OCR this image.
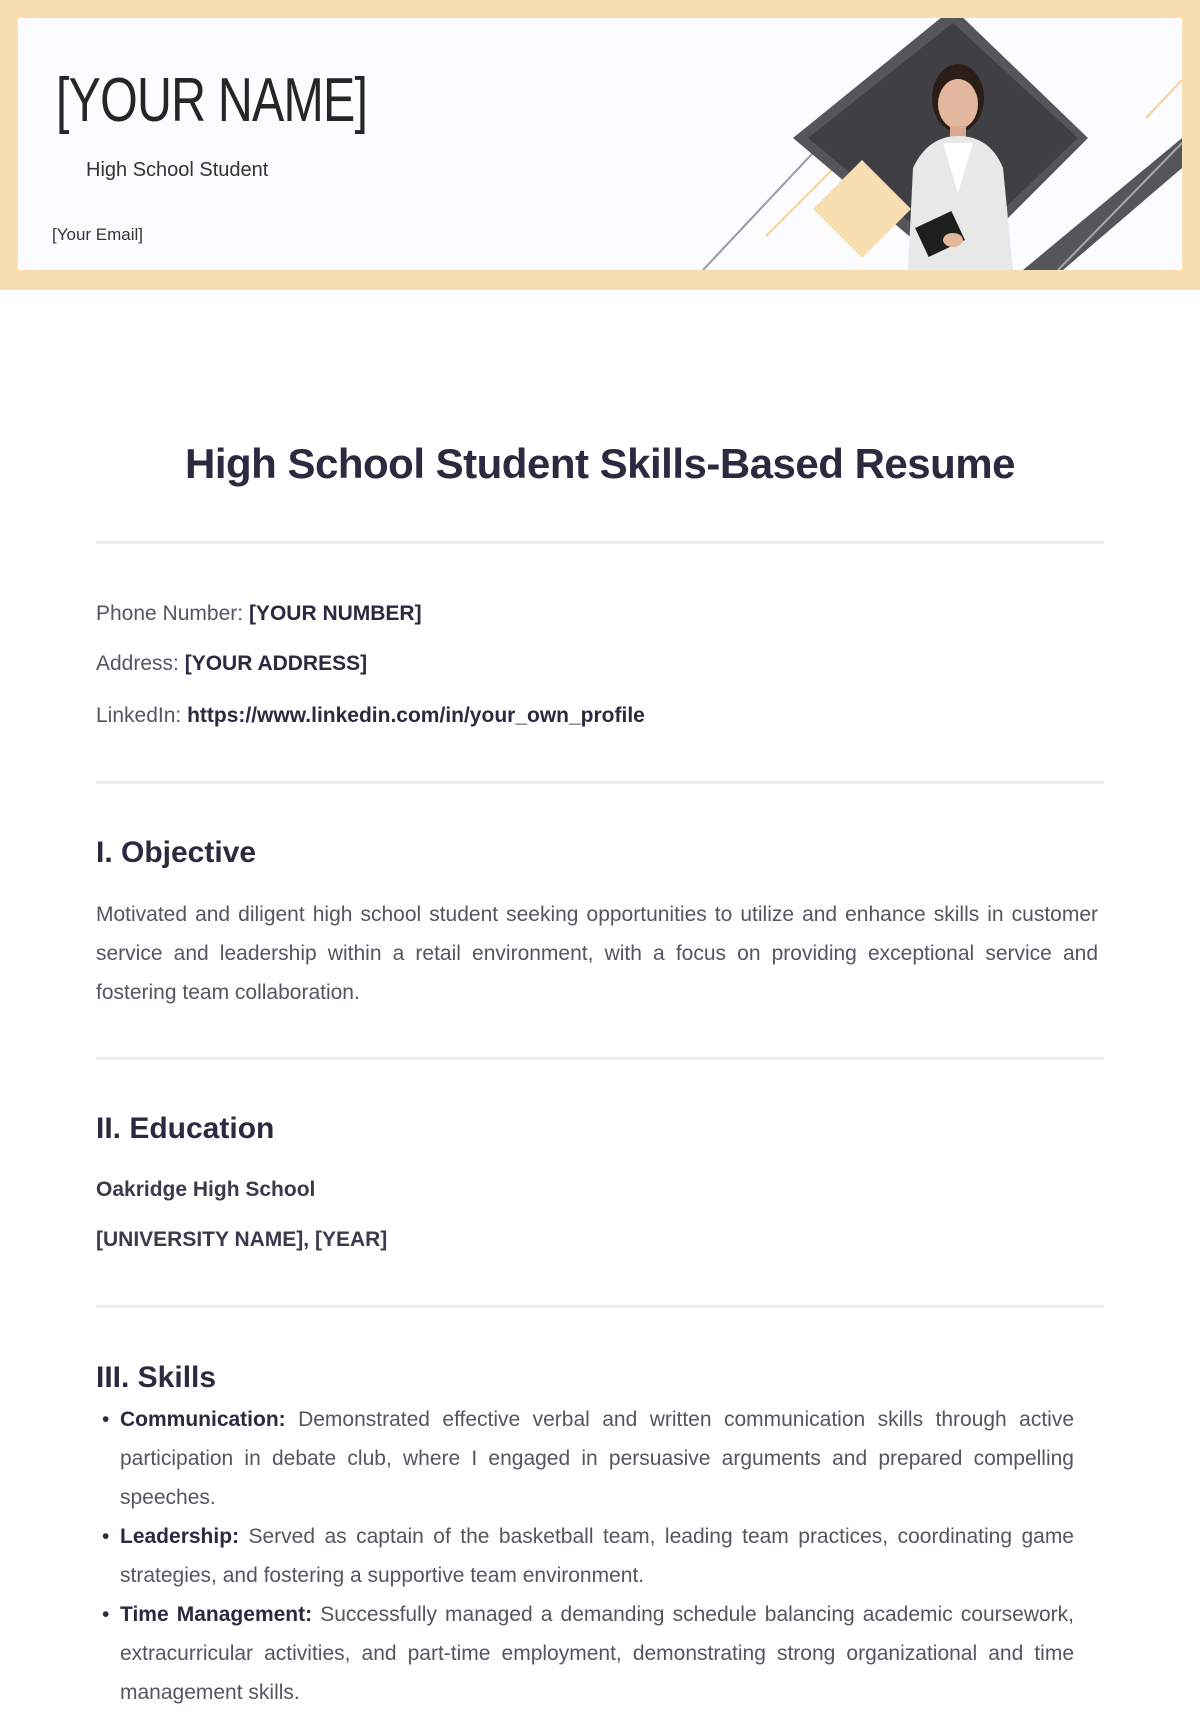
[YOUR NAME]
High School Student
[Your Email]
High School Student Skills-Based Resume
Phone Number: [YOUR NUMBER]
Address: [YOUR ADDRESS]
LinkedIn: https://www.linkedin.com/in/your_own_profile
I. Objective
Motivated and diligent high school student seeking opportunities to utilize and enhance skills in customer service and leadership within a retail environment, with a focus on providing exceptional service and fostering team collaboration.
II. Education
Oakridge High School
[UNIVERSITY NAME], [YEAR]
III. Skills
• Communication: Demonstrated effective verbal and written communication skills through active participation in debate club, where I engaged in persuasive arguments and prepared compelling speeches.
• Leadership: Served as captain of the basketball team, leading team practices, coordinating game strategies, and fostering a supportive team environment.
• Time Management: Successfully managed a demanding schedule balancing academic coursework, extracurricular activities, and part-time employment, demonstrating strong organizational and time management skills.
